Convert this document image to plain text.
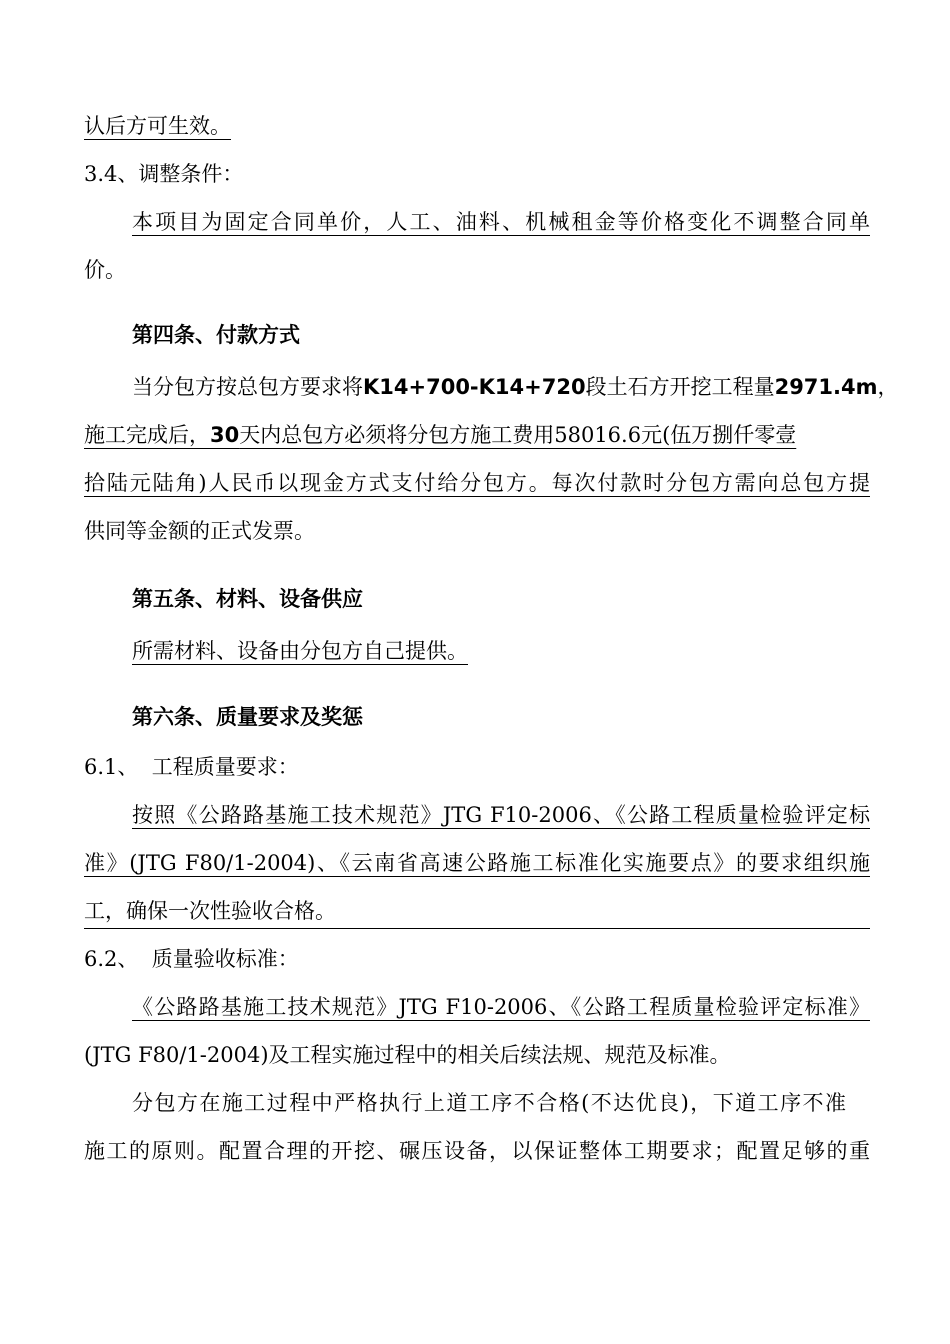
认后方可生效。
3.4、调整条件：
本项目为固定合同单价，人工、油料、机械租金等价格变化不调整合同单
价。
第四条、付款方式
当分包方按总包方要求将K14+700-K14+720段土石方开挖工程量2971.4m，
施工完成后，30天内总包方必须将分包方施工费用58016.6元(伍万捌仟零壹
拾陆元陆角)人民币以现金方式支付给分包方。每次付款时分包方需向总包方提
供同等金额的正式发票。
第五条、材料、设备供应
所需材料、设备由分包方自己提供。
第六条、质量要求及奖惩
6.1、  工程质量要求：
按照《公路路基施工技术规范》JTG F10-2006、《公路工程质量检验评定标
准》(JTG F80/1-2004)、《云南省高速公路施工标准化实施要点》的要求组织施
工，确保一次性验收合格。
6.2、  质量验收标准：
《公路路基施工技术规范》JTG F10-2006、《公路工程质量检验评定标准》
(JTG F80/1-2004)及工程实施过程中的相关后续法规、规范及标准。
分包方在施工过程中严格执行上道工序不合格(不达优良)，下道工序不准
施工的原则。配置合理的开挖、碾压设备，以保证整体工期要求；配置足够的重
